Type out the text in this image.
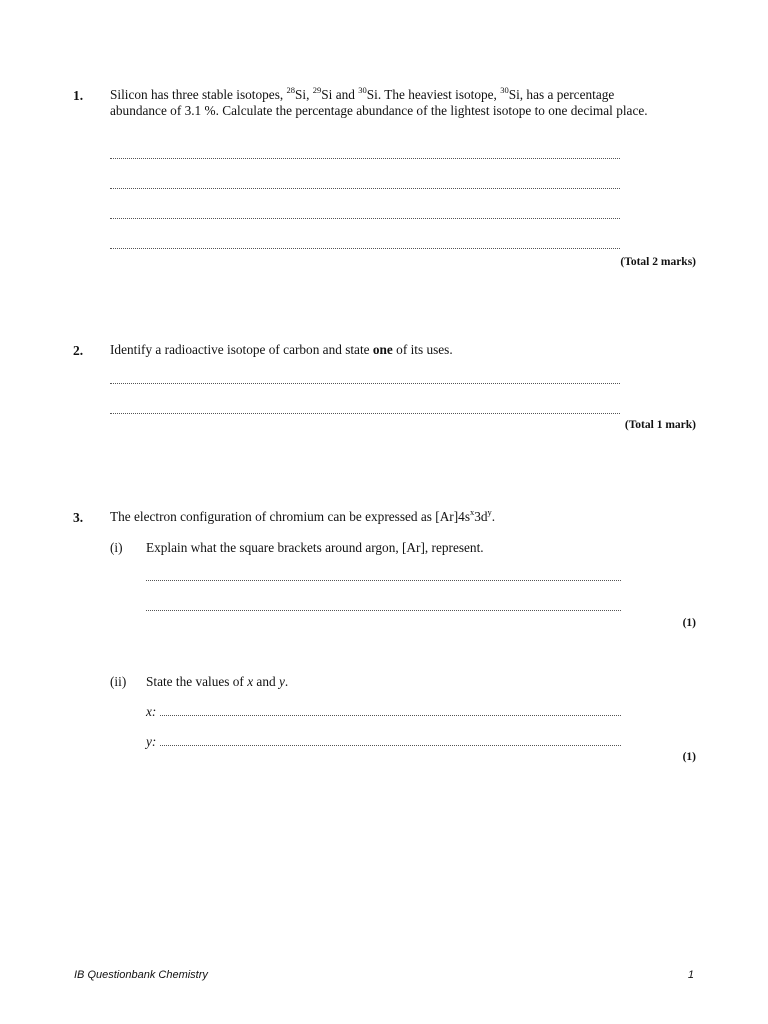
1. Silicon has three stable isotopes, $^{28}$Si, $^{29}$Si and $^{30}$Si. The heaviest isotope, $^{30}$Si, has a percentage abundance of 3.1 %. Calculate the percentage abundance of the lightest isotope to one decimal place.
(Total 2 marks)
2. Identify a radioactive isotope of carbon and state one of its uses.
(Total 1 mark)
3. The electron configuration of chromium can be expressed as $[Ar]4s^x3d^y$.
(i) Explain what the square brackets around argon, [Ar], represent.
(1)
(ii) State the values of x and y.
x:
y:
(1)
IB Questionbank Chemistry	1
